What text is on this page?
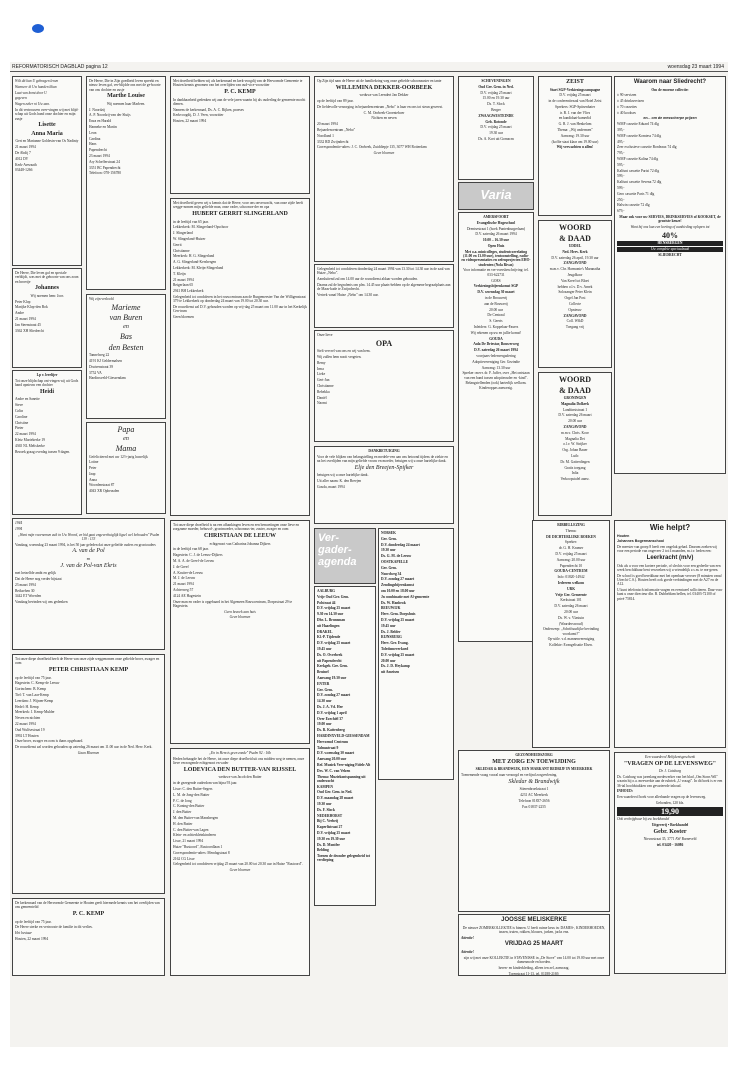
REFORMATORISCH DAGBLAD pagina 12	woensdag 23 maart 1994

Wilt dit kan U gebragen lenen

Wanneer ik Uw handen likan

Laat van komt door U

gegeven

Wagen zeker ni Uw aan.

In dit vertrouwen over-vingen wij met blijd-schap uit Gods hand onze dochter en mijn zusje

Lisette

Anna Maria

Gert en Marianne Goldesin-van Os Nadiniy

21 maart 1994

De Abdij 7

4012 DV

Kerk-Avezaath

03448-1266

De Heere, Die leven gaf en speciale verblijdt, was met de geboorte van ons zoon en broertje

Johannes

Wij noemen hem: Joos

Peter Klop

Marijke Klop-den Bok

Andre

21 maart 1994

Jan Steenstraat 45

3362 XH Sliedrecht

Lp v. leerlijer

Tot onze blijdschap ont-vingen wij uit Gods hand opnieuw een dochter

Heidi

Andre en Sanette

Steve

Colin

Caroline

Christine

Pieter

22 maart 1994

Kleiz Muriekerke 19

4365 NL Meliskerke

Bezoek graag overdag tussen 9 dagen.

1944

1994

„Want mijn voornemen zult in Uw Woord, en bid gaat engeverbuiglijk ligsel wel behouden" Psalm 119 : 133

Vandaag, woensdag 23 maart 1994, is het 50 jaar geleden dat onze geliefde ouders en grootouders

A. van de Pol

en

J. van de Pol-van Ekris

met hetzelfde ambt en gelijk

Dat de Heere nog verder bijstaat

23 maart 1994

Beiksehen 30

3442 ET Woerden

Vandaag bevinden wij ons gedenken

Tot onze diepe droefheid heeft de Heere van onze zijde weggenomen onze geliefde broer, zwager en oom

PETER CHRISTIAAN KEMP

op de leeftijd van 75 jaar.

Hagestein: C. Kemp-de Leeuw

Gorinchem: B. Kemp

Tiel: T. van Laar-Kemp

Leerdam: J. Wijnen-Kemp

Hedel: H. Kemp

Meerkerk: J. Kemp-Mulder

Neven en nichten

22 maart 1994

Oud Wulfsestraat 19

3992 LT Houten

Onze broer, zwager en oom is thans opgebaard.

De rouwdienst zal worden gehouden op zaterdag 26 maart om 11.00 uur in de Ned. Herv. Kerk.

Gaan Bloemen

De kerkenraad van de Hervormde Gemeente te Houten geeft hiermede kennis van het overlijden van ons gemeentelid

P. C. KEMP

op de leeftijd van 75 jaar.

De Heere sterke en vertrooste de familie in dit verlies.

Het bestuur

Houten, 22 maart 1994

De Heere, Die in Zijn goedheid leven spreekt en nieuw leven gaf, ver-blijdde ons met de ge-boorte van ons dochter en zusje

Marthe Louise

Wij noemen haar Marleen.

J. Noordzij

A. P. Noordzij-van der Sluijs

Enza en Harald

Hanneke en Martin

Leon

Cardina

Hans

Papendrecht

23 maart 1994

Ary Schefferstraat 24

3351 BC Papendrecht

Telefoon: 078-156780

Wij zijn verloofd

Marieme

van Buren

en

Bas

den Besten

Tannelweg 22

4191 KJ Geldermalsen

Druivenstraat 39

3752 VA

Hardinxveld-Giessendam

Papa

en

Mama

Gefeliciteerd met uw 12½-jarig huwelijk

Lotine

Peter

Jaap

Anna

Woordenstraat 87

4043 XR Opheusden

Met droefheid hebben wij als kerkenraad en kerk-voogdij van de Hervormde Gemeente te Houten kennis genomen van het overlijden van oud-vice-voorzitter

P. C. KEMP

In dankbaarheid gedenken wij aan de vele jaren waarin hij als ouderling de gemeente mocht dienen.

Namens de kerkenraad, Ds. A. C. Rijken, praeses

Kerkvoogdij, D. J. Veen, voorzitter

Houten, 22 maart 1994

Met droefheid geven wij u kennis dat de Heere, voor ons onverwacht, van onze zijde heeft wegge-nomen mijn geliefde man, onze vader, schoonva-der en opa

HUBERT GERRIT SLINGERLAND

in de leeftijd van 65 jaar.

Lekkerkerk: M. Slingerland-Opschoor

J. Slingerland

W. Slingerland-Huizer

Gerrit

Christianne

Meerkerk: H. G. Slingerland

A. G. Slingerland-Kersbergen

Lekkerkerk: M. Kleijn-Slingerland

T. Kleijn

21 maart 1994

Reigerlaan 65

2941 BH Lekkerkerk

Gelegenheid tot condoleren in het rouwcentrum aan de Burgemeester Van der Willigenstraat 379 te Lekkerkerk op donderdag 24 maart van 19.00 tot 20.30 uur.

De rouwdienst zal D.V. gehouden worden op vrij-dag 25 maart om 11.00 uur in het Kerkelijk Cen-trum

Geen bloemen

Tot onze diepe droefheid is na een afhankingen leven en een bemoeiingen onze lieve en zorgzame moeder, behuwd-, grootmoeder, schoonzus-ter, zuster, zwager en oom

CHRISTIAAN DE LEEUW

echtgenoot van Catharina Johanna Dijkers

in de leeftijd van 68 jaar.

Hagestein: C. J. de Leeuw-Dijkers

M. A. A. de Greef-de Leeuw

J. de Greef

A. Kruiter-de Leeuw

M. J. de Leeuw

21 maart 1994

Achterweg 57

4124 AE Hagestein

Onze man en vader is opgebaard in het Algemeen Rouwcentrum, Dorpsstraat 29 te Hagestein.

Geen bezoek aan huis

Geen bloemen

„En in Hem is geen zonde" Psalm 92 : 16b

Heden behaagde het de Heere, tot onze diepe droefheid uit ons midden weg te nemen, onze lieve verzorgende echtgenoot en vader

LODEVICA DEN BUTTER-VAN RIJSSEL

weduwe van Jacob den Butter

in de gezegende ouderdom van bijna 93 jaar.

Lisse: C. den Butter-Segers

L. M. de Jong-den Butter

P. C. de Jong

C. Koning-den Butter

J. den Butter

M. den Butter-van Mansbergen

H. den Butter

C. den Butter-van Lagen

Klein- en achterkleinkinderen

Lisse, 21 maart 1994

Huize "Rustoord", Rustoordlaan 1

Correspondentie-adres: Mendagstraat 8

2162 CG Lisse

Gelegenheid tot condoleren vrijdag 25 maart van 20.00 tot 20.30 uur in Huize "Rustoord".

Geen bloemen

Op Zijn tijd nam de Heere uit de familiekring weg onze geliefde schoonzuster en tante

WILLEMINA DEKKER-OORBEEK

weduwe van Leendert Jan Dekker

op de leeftijd van 89 jaar.

De liefdevolle verzorging in bejaardencentrum „Nebo" is haar en ons tot steun geweest.

C. M. Oorbeek-Groenteboer

Nichten en neven

20 maart 1994

Bejaardencentrum „Nebo"

Noodland 1

3332 RD Zwijndrecht

Correspondentie-adres: J. C. Oorbeek, Zuiddiepje 135, 3077 WH Rotterdam

Geen bloemen

Gelegenheid tot condoleren donderdag 24 maart 1994 van 13.30 tot 14.30 uur in de zaal van Huize „Nebo".

Aansluitend zal om 14.00 uur de rouwdienst aldaar worden gehouden.

Daarna zal de begrafenis om plm. 14.45 uur plaats-hebben op de algemene begraafplaats aan de Maas-kade te Zwijndrecht.

Vertrek vanaf Huize „Nebo" om 14.30 uur.

Onze lieve

OPA

Stelt vervrel van ons en wij van hem.

Wij zullen hem nooit vergeten.

Remy

Irma

Lieke

Gert-Jan

Christianne

Rebekka

Daniël

Naomi

DANKBETUIGING

Voor de vele blijken van belangstelling en medele-ven aan ons betoond tijdens de ziekte en na het overlijden van mijn geliefde vrouw en moeder, betuigen wij u onze hartelijke dank.

Elje den Breejen-Spijker

betuigen wij u onze hartelijke dank.

Uit aller naam: K. den Breejen

Gouda, maart 1994

Ver-gader-agenda

NOBSEK

Ger. Gem.

D.V. donderdag 24 maart

19.30 uur

Ds. G. M. de Leeuw

OOSTKAPELLE

Ger. Gem.

Noordweg 34

D.V. zondag 27 maart

Zendingsbijeenkomst

om 10.00 en 18.00 uur

Jn combinatie met Al-gemeente

Ds. W. Hanbrok

BEEUWIJK

Herv. Gem. Dorpshuis

D.V. vrijdag 25 maart

19.45 uur

Ds. J. Belder

RIJNSBURG

Herv. Ger. Evang.

Toledomeverkoed

D.V. vrijdag 25 maart

20.00 uur

Ds. J. D. Heykamp

uit Ameisen

AALBURG

Vrije Oud Ger. Gem.

Polstraat 44

D.V. vrijdag 25 maart

9.30 en 14.30 uur

Dhr. L. Brunsman

uit Haarlingen

DRAKEL

Kl.-P. Tijdende

D.V. vrijdag 25 maart

19.45 uur

Ds. O. Overbeek

uit Papendrecht

Kerkgeb. Ger. Gem.

Bruinel

Aanvang 19.30 uur

ENTER

Ger. Gem.

D.V. zondag 27 maart

14.30 uur

Ds. J. A. Vd. Hee

D.V. vrijdag 1 april

Over Ezechiël 37

19.00 uur

Ds. R. Kattenberg

HARDINXVELD-GIESSENDAM

Hervormd Centrum

Talmastraat 9

D.V. woensdag 30 maart

Aanvang 20.00 uur

Ref. Muziek Vere-niging Fidele Alt

Drs. W. C. van Velzen

Thema: Muziekontspanning uit onderzocht

KAMPEN

Oud Ger. Gem. in Ned.

D.V. maandag 28 maart

19.30 uur

Ds. F. Slock

NEDERHORST

Bij C. Verheij

Kaperlistraat 27

D.V. vrijdag 25 maart

19.30 en 19.30 uur

Ds. D. Montfer

Belding

Toenen de deonder gelegenheid tot verdieping

SCHEVENINGEN

Oud Ger. Gem. in Ned.

D.V. vrijdag 25 maart

15.00 en 19.30 uur

Ds. T. Slock

Berger

ZWAAGWESTEINDE

Geb. Rotonde

D.V. vrijdag 25 maart

19.30 uur

Ds. A. Kort uit Gornacm

Varia

AMERSFOORT

Evangelische Hogeschool

Drentsestraat 1 (hoek Puntenburgerlaan)

D.V. zaterdag 26 maart 1994

10.00 – 16.30 uur

Open Huis

Met o.a. minicolleges, studentcorrelating (11.00 en 13.00 uur), tentoonstelling, radio- en videopresentaties en oefenprojecten EHO-studenten (Nola Rivas)

Voor informatie en ver-voersbeschrijving: tel. 033-622731

GOES

Verkiezingsbijeenkomst SGP

D.V. woensdag 30 maart

in de Brouwerij

aan de Bouwerij

20.00 uur

De Centraal

S. Geerts

Inleiders: G. Koppelaar-Fauers

Wij rekenen op uw en jullie komst!

GOUDA

Aula De Driestar, Bouwerweg

D.V. zaterdag 26 maart 1994

voorjaars-ledenvergadering

Adoptievereniging Ger. Gezindte

Aanvang: 13.30 uur

Spreker: mevr. dr. F. Juffer, over „Het ontstaan van een band tussen adoptieouder en -kind".

Belangstellenden (ook) harterlijk welkom. Kinderoppas aanwezig.

RIBBELLEZING

Thema:

DE DICHTERLIJKE BOEKEN

Spreker:

dr. G. H. Kramer

D.V. vrijdag 25 maart

Aanvang: 20.00 uur

Papendrecht 10

GOUDA-CENTRUM

Info: 01820-14942

Iedereen welkom

URK

Vrije Ger. Gemeente

Kerkstraat 101

D.V. zaterdag 26 maart

20.00 uur

Ds. W. v. Vlastuin

(Waarderswoud)

Onderwerp: „Schriftuurlijke bevinding voorkomt?"

Op-uitle. v.d. mannenvereniging

Kollekte: Evangelisatie Elsen.

ZEIST

Start SGP-Verkiezingscampagne

D.V. vrijdag 25 maart

in de conferentiezaal van Hotel Zeist

Sprekers: SGP-Spitsenbaier

ir. B. J. van der Vlies

en kandidaat-kamerlid

G. R. J. van Henkelom

Thema: „Wij ondermen"

Aanvang: 19.30 uur

(koffie staat klaar om 19.00 uur)

Wij verwachten u allen!

WOORD

& DAAD

UDDEL

Ned. Herv. Kerk

D.V. zaterdag 26 april, 19.30 uur

ZANGAVOND

m.m.v. Chr. Harmonie's Maranatha

Jeugdkoor

Van Kreef tot Bloei

hebben o.l.v. D.v. Arnek

Solozanger Peter Klein

Orgel Jan Post

Collecte

Opnieuw

ZANGAVOND

Coll. W&D

Toegang vrij

WOORD

& DAAD

GRONINGEN

Magnalia Dolkerk

Landtinststraat 1

D.V. zaterdag 26 maart

20.00 uur

ZANGAVOND

m.m.v. Chris. Koor

Magnalia Dei

o.l.v. W. Strijker

Org. Johan Bauer

Luth:

Dr. M. Gatterdingen

Gratis toegang

Inlia

Verkoopstafel aanw.

Waarom naar Sliedrecht?

Om de enorme collectie:

± 90 servizen

± 45 drinkservizen

± 70 cassettes

± 40 kookses

en... om de messcherpe prijzen

WMF cassette Eduard 74 dlg

395,-

WMF cassette Komtess 74 dlg

495,-

Zeer exclusieve cassette Bordeaux 74 dlg

795,-

WMF cassette Kalina 74 dlg

595,-

Kalfunt cassette Parisi 72 dlg

599,-

Kalfunt cassette Sevena 72 dlg

599,-

Gero cassette Paris 71 dlg

250,-

Halwin cassette 72 dlg

679,-

Maar ook voor uw SERVIES, DRINKSERVIES of KOOKSET, de grootste keuze!

Want bij ons kan een korting of aanbieding oplopen tot

40%

HENSBERGEN

Uw complete speciaalzaak

SLIEDRECHT

Wie helpt?

Houten

Johannes Bogermanschool

De meester van groep 8 heeft een ongeluk gehad. Daarom zoeken wij voor een periode van ongeveer 2 tot 4 maanden, m.i.v. heden een:

Leerkracht (m/v)

Ook als u voor een kortere periode, of slechts voor een gedeelte van een week beschikbaar bent verzoeken wij u vriendelijk z.s.m. te rea-geren.

De school is goed bereikbaar met het openbaar vervoer (8 minuten vanaf Utrecht C.S.). Houten heeft ook goede verbindingen met de A27 en de A12.

U kunt telefonisch informatie vragen en eventueel solliciteren. Daar-voor kunt u onze directeur dhr. B. Dubbeldam bellen, tel. 03403-72100 of privé 75814.

GEZONDHEIDSZORG

MET ZORG EN TOEWIJDING

SKLEDAR & BRANDWIJK, EEN MARKANT BEDRIJF IN MEERKERK

Toenemende vraag vooral naar verzorgd en verfijnd zorgverlening.

Skledar & Brandwijk

Stierenbroekstraat 1

4231 AC Meerkerk

Telefoon 01837-2656

Fax 01837-2255

Een waardevol Belijdenisgeschenk

"VRAGEN OP DE LEVENSWEG"

Dr. J. Catsburg

Ds. Catsburg was jarenlang medewerker van het blad „Om Sions Wil" waarin hij o.a. meewerkte aan de rubriek „U vraagt". In dit boek is er een 36-tal hoofdstukken van gevarieerde inhoud.

INHOUD:

Een waardevol boek voor allerhande vragen op de levensweg.

Gebonden, 120 blz.

19,90

Ook verkrijgbaar bij uw boekhandel

Uitgeverij • Boekhandel

Gebr. Koster

Nieuwstraat 35, 3771 AW Barneveld

tel. 03420 - 16086

JOOSSE MELISKERKE

De nieuwe ZOMERKOLLEKTIE is binnen. U heeft ruime keus in: DAMES-, KINDERHOEDEN, tassen, truien, rokken, blouses, jurken, jacks enz.

Attentie!

VRIJDAG 25 MAART

Attentie!

zijn wij met onze KOLLEKTIE in STAVENISSE in „De Stove" van 14.00 tot 19.00 uur met onze damesmode en hoeden.

heren- en kinderkleding, alleen ten zel, aanvraag.

Torenstraat 11-13, tel. 01188-2169.
